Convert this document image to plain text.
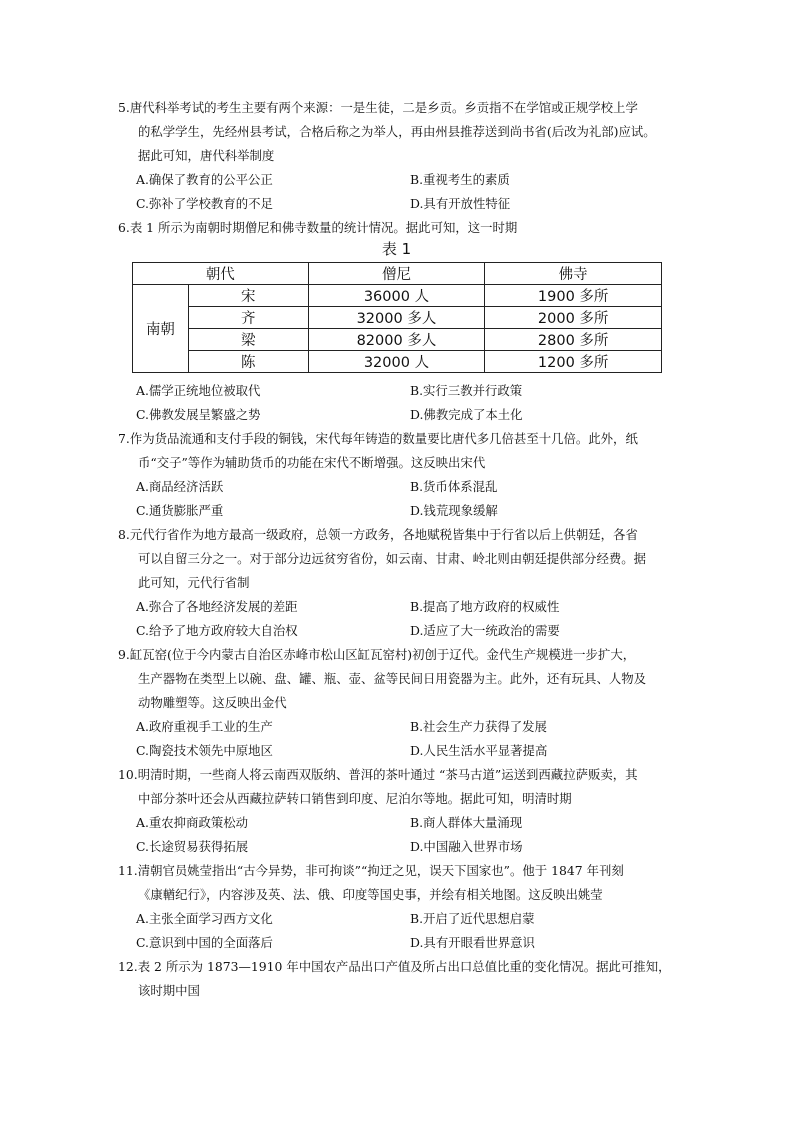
5.唐代科举考试的考生主要有两个来源：一是生徒，二是乡贡。乡贡指不在学馆或正规学校上学
的私学学生，先经州县考试，合格后称之为举人，再由州县推荐送到尚书省(后改为礼部)应试。
据此可知，唐代科举制度
A.确保了教育的公平公正	B.重视考生的素质
C.弥补了学校教育的不足	D.具有开放性特征
6.表 1 所示为南朝时期僧尼和佛寺数量的统计情况。据此可知，这一时期
表 1
朝代		僧尼	佛寺
南朝	宋	36000 人	1900 多所
	齐	32000 多人	2000 多所
	梁	82000 多人	2800 多所
	陈	32000 人	1200 多所
A.儒学正统地位被取代	B.实行三教并行政策
C.佛教发展呈繁盛之势	D.佛教完成了本土化
7.作为货品流通和支付手段的铜钱，宋代每年铸造的数量要比唐代多几倍甚至十几倍。此外，纸
币“交子”等作为辅助货币的功能在宋代不断增强。这反映出宋代
A.商品经济活跃	B.货币体系混乱
C.通货膨胀严重	D.钱荒现象缓解
8.元代行省作为地方最高一级政府，总领一方政务，各地赋税皆集中于行省以后上供朝廷，各省
可以自留三分之一。对于部分边远贫穷省份，如云南、甘肃、岭北则由朝廷提供部分经费。据
此可知，元代行省制
A.弥合了各地经济发展的差距	B.提高了地方政府的权威性
C.给予了地方政府较大自治权	D.适应了大一统政治的需要
9.缸瓦窑(位于今内蒙古自治区赤峰市松山区缸瓦窑村)初创于辽代。金代生产规模进一步扩大，
生产器物在类型上以碗、盘、罐、瓶、壶、盆等民间日用瓷器为主。此外，还有玩具、人物及
动物雕塑等。这反映出金代
A.政府重视手工业的生产	B.社会生产力获得了发展
C.陶瓷技术领先中原地区	D.人民生活水平显著提高
10.明清时期，一些商人将云南西双版纳、普洱的茶叶通过 “茶马古道”运送到西藏拉萨贩卖，其
中部分茶叶还会从西藏拉萨转口销售到印度、尼泊尔等地。据此可知，明清时期
A.重农抑商政策松动	B.商人群体大量涌现
C.长途贸易获得拓展	D.中国融入世界市场
11.清朝官员姚莹指出“古今异势，非可拘谈”“拘迂之见，误天下国家也”。他于 1847 年刊刻
《康輶纪行》，内容涉及英、法、俄、印度等国史事，并绘有相关地图。这反映出姚莹
A.主张全面学习西方文化	B.开启了近代思想启蒙
C.意识到中国的全面落后	D.具有开眼看世界意识
12.表 2 所示为 1873—1910 年中国农产品出口产值及所占出口总值比重的变化情况。据此可推知，
该时期中国
